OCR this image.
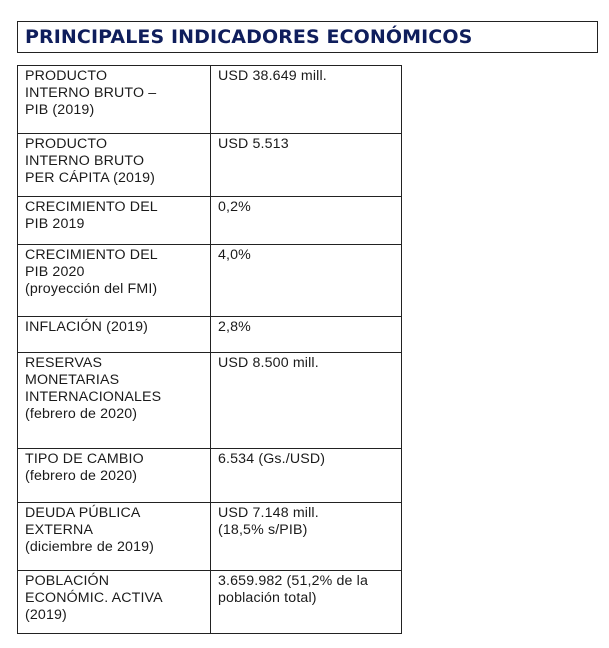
PRINCIPALES INDICADORES ECONÓMICOS
PRODUCTO
INTERNO BRUTO –
PIB (2019)	USD 38.649 mill.

PRODUCTO
INTERNO BRUTO
PER CÁPITA (2019)	USD 5.513

CRECIMIENTO DEL
PIB 2019	0,2%

CRECIMIENTO DEL
PIB 2020
(proyección del FMI)	4,0%

INFLACIÓN (2019)	2,8%

RESERVAS
MONETARIAS
INTERNACIONALES
(febrero de 2020)	USD 8.500 mill.

TIPO DE CAMBIO
(febrero de 2020)	6.534 (Gs./USD)

DEUDA PÚBLICA
EXTERNA
(diciembre de 2019)	USD 7.148 mill.
(18,5% s/PIB)

POBLACIÓN
ECONÓMIC. ACTIVA
(2019)	3.659.982 (51,2% de la
población total)
